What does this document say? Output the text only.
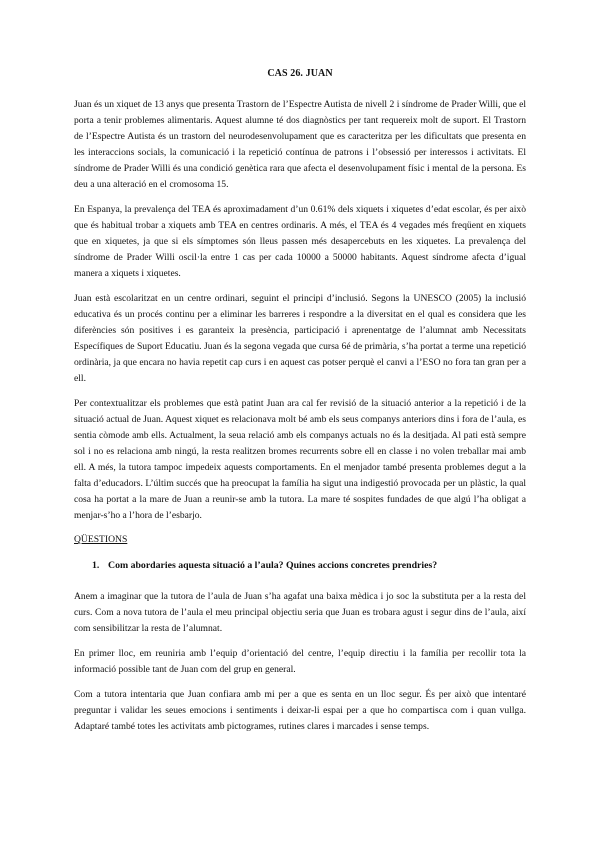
CAS 26. JUAN

Juan és un xiquet de 13 anys que presenta Trastorn de l’Espectre Autista de nivell 2 i síndrome de Prader Willi, que el porta a tenir problemes alimentaris. Aquest alumne té dos diagnòstics per tant requereix molt de suport. El Trastorn de l’Espectre Autista és un trastorn del neurodesenvolupament que es caracteritza per les dificultats que presenta en les interaccions socials, la comunicació i la repetició contínua de patrons i l’obsessió per interessos i activitats. El síndrome de Prader Willi és una condició genètica rara que afecta el desenvolupament físic i mental de la persona. Es deu a una alteració en el cromosoma 15.

En Espanya, la prevalença del TEA és aproximadament d’un 0.61% dels xiquets i xiquetes d’edat escolar, és per això que és habitual trobar a xiquets amb TEA en centres ordinaris. A més, el TEA és 4 vegades més freqüent en xiquets que en xiquetes, ja que si els símptomes són lleus passen més desapercebuts en les xiquetes. La prevalença del síndrome de Prader Willi oscil·la entre 1 cas per cada 10000 a 50000 habitants. Aquest síndrome afecta d’igual manera a xiquets i xiquetes.

Juan està escolaritzat en un centre ordinari, seguint el principi d’inclusió. Segons la UNESCO (2005) la inclusió educativa és un procés continu per a eliminar les barreres i respondre a la diversitat en el qual es considera que les diferències són positives i es garanteix la presència, participació i aprenentatge de l’alumnat amb Necessitats Específiques de Suport Educatiu. Juan és la segona vegada que cursa 6é de primària, s’ha portat a terme una repetició ordinària, ja que encara no havia repetit cap curs i en aquest cas potser perquè el canvi a l’ESO no fora tan gran per a ell.

Per contextualitzar els problemes que està patint Juan ara cal fer revisió de la situació anterior a la repetició i de la situació actual de Juan. Aquest xiquet es relacionava molt bé amb els seus companys anteriors dins i fora de l’aula, es sentia còmode amb ells. Actualment, la seua relació amb els companys actuals no és la desitjada. Al pati està sempre sol i no es relaciona amb ningú, la resta realitzen bromes recurrents sobre ell en classe i no volen treballar mai amb ell. A més, la tutora tampoc impedeix aquests comportaments. En el menjador també presenta problemes degut a la falta d’educadors. L’últim succés que ha preocupat la família ha sigut una indigestió provocada per un plàstic, la qual cosa ha portat a la mare de Juan a reunir-se amb la tutora. La mare té sospites fundades de que algú l’ha obligat a menjar-s’ho a l’hora de l’esbarjo.

QÜESTIONS
1. Com abordaries aquesta situació a l’aula? Quines accions concretes prendries?

Anem a imaginar que la tutora de l’aula de Juan s’ha agafat una baixa mèdica i jo soc la substituta per a la resta del curs. Com a nova tutora de l’aula el meu principal objectiu seria que Juan es trobara agust i segur dins de l’aula, així com sensibilitzar la resta de l’alumnat.

En primer lloc, em reuniria amb l’equip d’orientació del centre, l’equip directiu i la família per recollir tota la informació possible tant de Juan com del grup en general.

Com a tutora intentaria que Juan confiara amb mi per a que es senta en un lloc segur. És per això que intentaré preguntar i validar les seues emocions i sentiments i deixar-li espai per a que ho compartisca com i quan vullga. Adaptaré també totes les activitats amb pictogrames, rutines clares i marcades i sense temps.
